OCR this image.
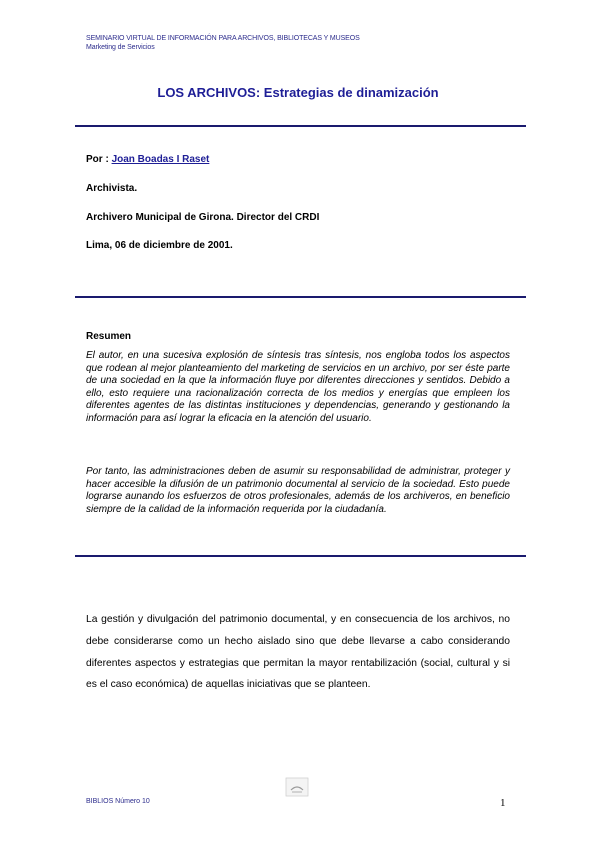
SEMINARIO VIRTUAL DE INFORMACIÓN PARA ARCHIVOS, BIBLIOTECAS Y MUSEOS
Marketing de Servicios
LOS ARCHIVOS: Estrategias de dinamización
Por : Joan Boadas I Raset
Archivista.
Archivero Municipal de Girona. Director del CRDI
Lima, 06 de diciembre de 2001.
Resumen

El autor, en una sucesiva explosión de síntesis tras síntesis, nos engloba todos los aspectos que rodean al mejor planteamiento del marketing de servicios en un archivo, por ser éste parte de una sociedad en la que la información fluye por diferentes direcciones y sentidos. Debido a ello, esto requiere una racionalización correcta de los medios y energías que empleen los diferentes agentes de las distintas instituciones y dependencias, generando y gestionando la información para así lograr la eficacia en la atención del usuario.

Por tanto, las administraciones deben de asumir su responsabilidad de administrar, proteger y hacer accesible la difusión de un patrimonio documental al servicio de la sociedad. Esto puede lograrse aunando los esfuerzos de otros profesionales, además de los archiveros, en beneficio siempre de la calidad de la información requerida por la ciudadanía.

La gestión y divulgación del patrimonio documental, y en consecuencia de los archivos, no debe considerarse como un hecho aislado sino que debe llevarse a cabo considerando diferentes aspectos y estrategias que permitan la mayor rentabilización (social, cultural y si es el caso económica) de aquellas iniciativas que se planteen.

BIBLIOS Número 10	1
